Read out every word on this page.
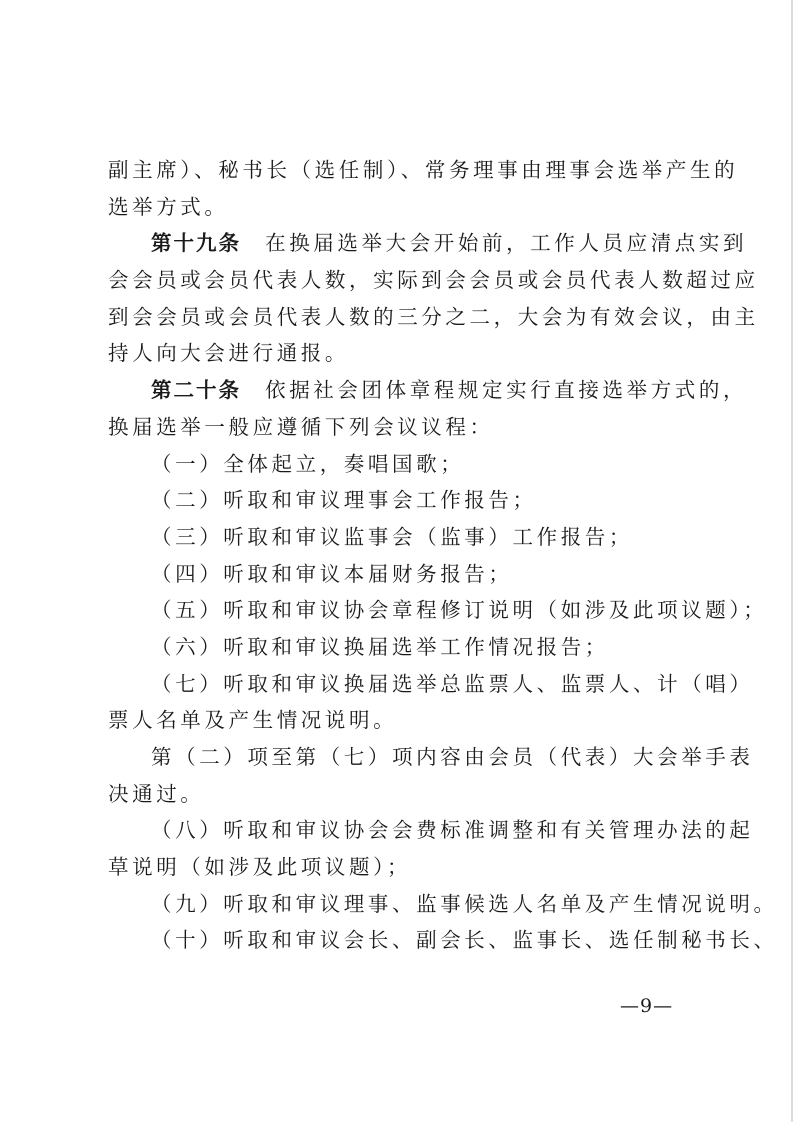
副主席）、秘书长（选任制）、常务理事由理事会选举产生的
选举方式。
第十九条　 在换届选举大会开始前，工作人员应清点实到
会会员或会员代表人数，实际到会会员或会员代表人数超过应
到会会员或会员代表人数的三分之二，大会为有效会议，由主
持人向大会进行通报。
第二十条　 依据社会团体章程规定实行直接选举方式的，
换届选举一般应遵循下列会议议程：
（一）全体起立，奏唱国歌；
（二）听取和审议理事会工作报告；
（三）听取和审议监事会（监事）工作报告；
（四）听取和审议本届财务报告；
（五）听取和审议协会章程修订说明（如涉及此项议题）；
（六）听取和审议换届选举工作情况报告；
（七）听取和审议换届选举总监票人、监票人、计（唱）
票人名单及产生情况说明。
第（二）项至第（七）项内容由会员（代表）大会举手表
决通过。
（八）听取和审议协会会费标准调整和有关管理办法的起
草说明（如涉及此项议题）；
（九）听取和审议理事、监事候选人名单及产生情况说明。
（十）听取和审议会长、副会长、监事长、选任制秘书长、
—9—
